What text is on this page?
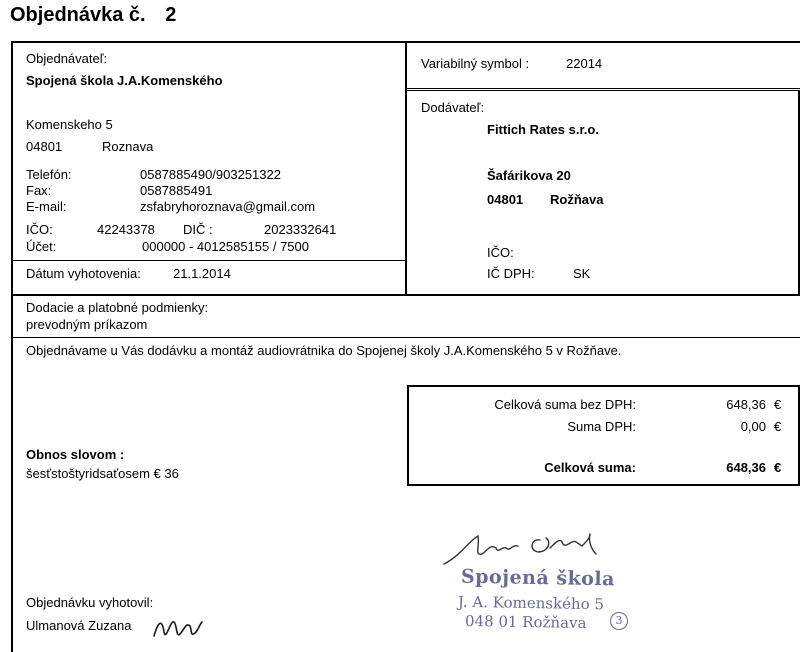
Objednávka č. 2
Objednávateľ:
Spojená škola J.A.Komenského
Komenskeho 5
04801	Roznava
Telefón:	0587885490/903251322
Fax:	0587885491
E-mail:	zsfabryhoroznava@gmail.com
IČO:	42243378 DIČ :	2023332641
Účet:	000000 - 4012585155 / 7500
Dátum vyhotovenia: 21.1.2014
Variabilný symbol :	22014
Dodávateľ:
Fittich Rates s.r.o.
Šafárikova 20
04801 Rožňava
IČO:
IČ DPH:	SK
Dodacie a platobné podmienky:
prevodným príkazom
Objednávame u Vás dodávku a montáž audiovrátnika do Spojenej školy J.A.Komenského 5 v Rožňave.
Celková suma bez DPH:	648,36 €
Suma DPH:	0,00 €
Celková suma:	648,36 €
Obnos slovom :
šesťstoštyridsaťosem € 36
Objednávku vyhotovil:
Ulmanová Zuzana
Spojená škola
J. A. Komenského 5
048 01 Rožňava	3
